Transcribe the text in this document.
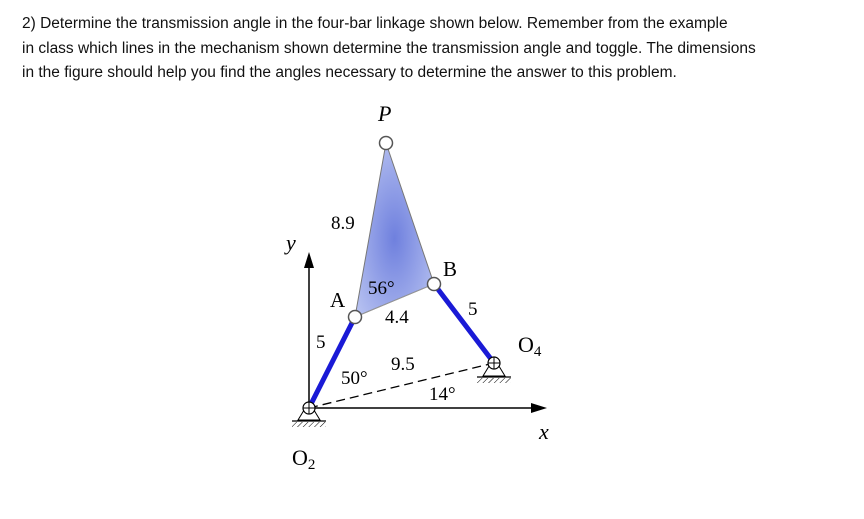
2) Determine the transmission angle in the four-bar linkage shown below. Remember from the example

in class which lines in the mechanism shown determine the transmission angle and toggle. The dimensions

in the figure should help you find the angles necessary to determine the answer to this problem.

P
A
B
O2
O4
y
x
8.9
4.4
5
5
9.5
56°
50°
14°
